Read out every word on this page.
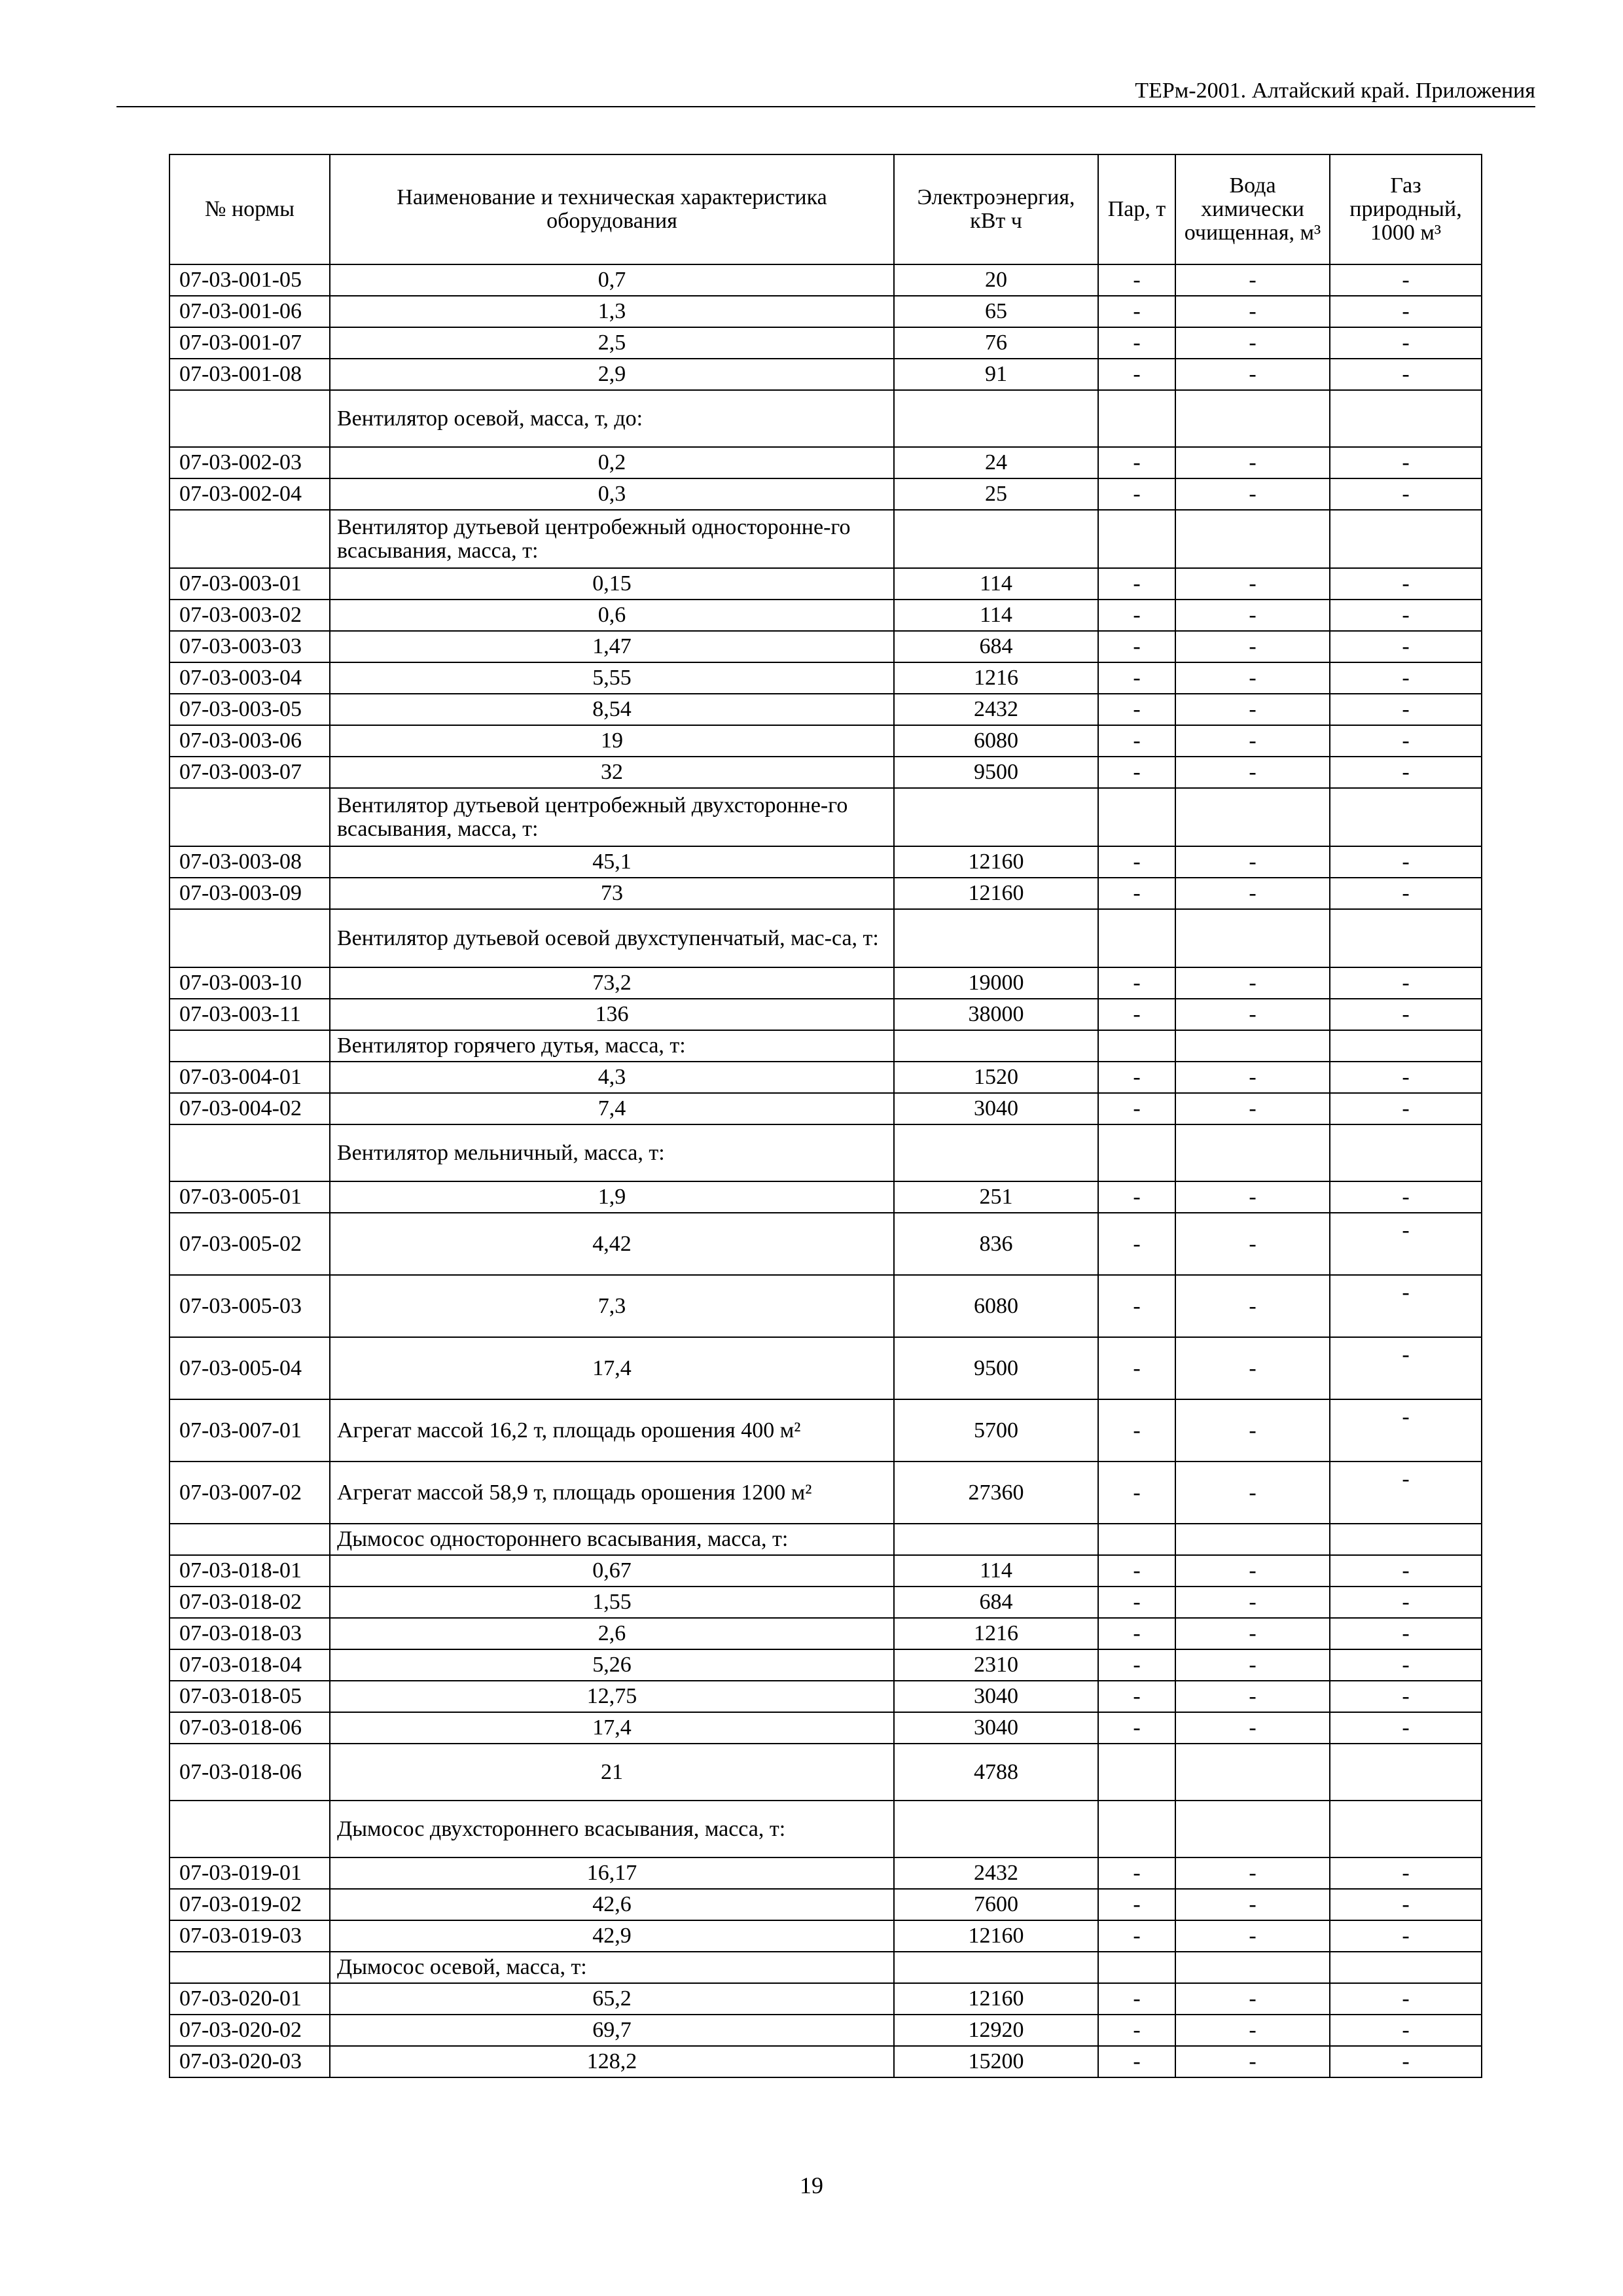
ТЕРм-2001. Алтайский край. Приложения
№ нормы	Наименование и техническая характеристика оборудования	Электроэнергия, кВт ч	Пар, т	Вода химически очищенная, м³	Газ природный, 1000 м³
07-03-001-05	0,7	20	-	-	-
07-03-001-06	1,3	65	-	-	-
07-03-001-07	2,5	76	-	-	-
07-03-001-08	2,9	91	-	-	-
	Вентилятор осевой, масса, т, до:				
07-03-002-03	0,2	24	-	-	-
07-03-002-04	0,3	25	-	-	-
	Вентилятор дутьевой центробежный односторонне-го всасывания, масса, т:				
07-03-003-01	0,15	114	-	-	-
07-03-003-02	0,6	114	-	-	-
07-03-003-03	1,47	684	-	-	-
07-03-003-04	5,55	1216	-	-	-
07-03-003-05	8,54	2432	-	-	-
07-03-003-06	19	6080	-	-	-
07-03-003-07	32	9500	-	-	-
	Вентилятор дутьевой центробежный двухсторонне-го всасывания, масса, т:				
07-03-003-08	45,1	12160	-	-	-
07-03-003-09	73	12160	-	-	-
	Вентилятор дутьевой осевой двухступенчатый, мас-са, т:				
07-03-003-10	73,2	19000	-	-	-
07-03-003-11	136	38000	-	-	-
	Вентилятор горячего дутья, масса, т:				
07-03-004-01	4,3	1520	-	-	-
07-03-004-02	7,4	3040	-	-	-
	Вентилятор мельничный, масса, т:				
07-03-005-01	1,9	251	-	-	-
07-03-005-02	4,42	836	-	-	-
07-03-005-03	7,3	6080	-	-	-
07-03-005-04	17,4	9500	-	-	-
07-03-007-01	Агрегат массой 16,2 т, площадь орошения 400 м²	5700	-	-	-
07-03-007-02	Агрегат массой 58,9 т, площадь орошения 1200 м²	27360	-	-	-
	Дымосос одностороннего всасывания, масса, т:				
07-03-018-01	0,67	114	-	-	-
07-03-018-02	1,55	684	-	-	-
07-03-018-03	2,6	1216	-	-	-
07-03-018-04	5,26	2310	-	-	-
07-03-018-05	12,75	3040	-	-	-
07-03-018-06	17,4	3040	-	-	-
07-03-018-06	21	4788			
	Дымосос двухстороннего всасывания, масса, т:				
07-03-019-01	16,17	2432	-	-	-
07-03-019-02	42,6	7600	-	-	-
07-03-019-03	42,9	12160	-	-	-
	Дымосос осевой, масса, т:				
07-03-020-01	65,2	12160	-	-	-
07-03-020-02	69,7	12920	-	-	-
07-03-020-03	128,2	15200	-	-	-
19
